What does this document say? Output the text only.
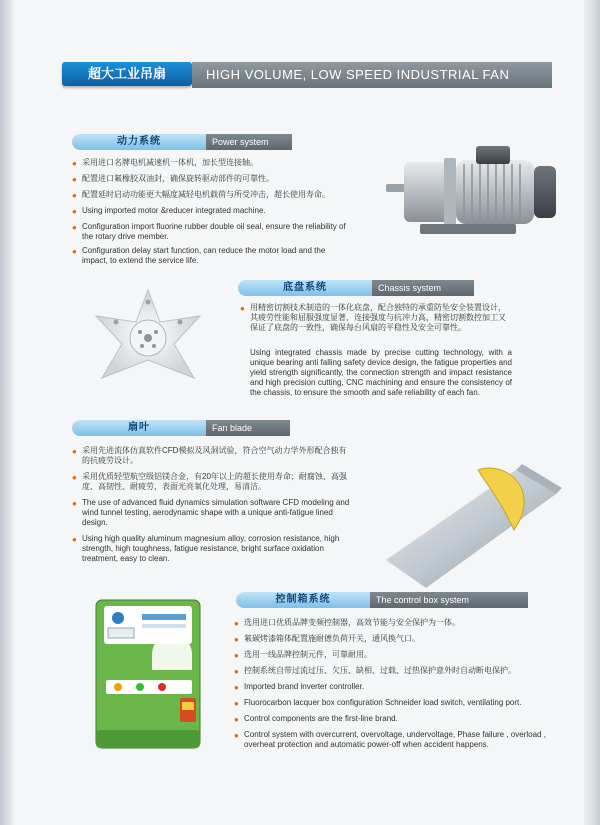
超大工业吊扇	HIGH VOLUME, LOW SPEED INDUSTRIAL FAN
动力系统	Power system
● 采用进口名牌电机减速机一体机，加长型连接轴。
● 配置进口氟橡胶双油封，确保旋转驱动部件的可靠性。
● 配置延时启动功能更大幅度减轻电机载荷与所受冲击，超长使用寿命。
● Using imported motor &reducer integrated machine.
● Configuration import fluorine rubber double oil seal, ensure the reliability of the rotary drive member.
● Configuration delay start function, can reduce the motor load and the impact, to extend the service life.
底盘系统	Chassis system
● 用精密切割技术制造的一体化底盘，配合独特的承重防坠安全装置设计，其疲劳性能和屈服强度显著，连接强度与抗冲力高，精密切割数控加工又保证了底盘的一致性，确保每台风扇的平稳性及安全可靠性。
Using integrated chassis made by precise cutting technology, with a unique bearing anti falling safety device design, the fatigue properties and yield strength significantly, the connection strength and impact resistance and high precision cutting, CNC machining and ensure the consistency of the chassis, to ensure the smooth and safe reliability of each fan.
扇叶	Fan blade
● 采用先进流体仿真软件CFD模拟及风洞试验，符合空气动力学外形配合独有的抗疲劳设计。
● 采用优质轻型航空级铝镁合金，有20年以上的超长使用寿命；耐腐蚀、高强度、高韧性、耐疲劳，表面光亮氧化处理，易清洁。
● The use of advanced fluid dynamics simulation software CFD modeling and wind tunnel testing, aerodynamic shape with a unique anti-fatigue lined design.
● Using high quality aluminum magnesium alloy, corrosion resistance, high strength, high toughness, fatigue resistance, bright surface oxidation treatment, easy to clean.
控制箱系统	The control box system
● 选用进口优质品牌变频控制器，高效节能与安全保护为一体。
● 氟碳烤漆箱体配置施耐德负荷开关，通风换气口。
● 选用一线品牌控制元件，可靠耐用。
● 控制系统自带过流过压、欠压、缺相、过载、过热保护意外时自动断电保护。
● Imported brand inverter controller.
● Fluorocarbon lacquer box configuration Schneider load switch, ventilating port.
● Control components are the first-line brand.
● Control system with overcurrent, overvoltage, undervoltage, Phase failure , overload , overheat protection and automatic power-off when accident happens.
